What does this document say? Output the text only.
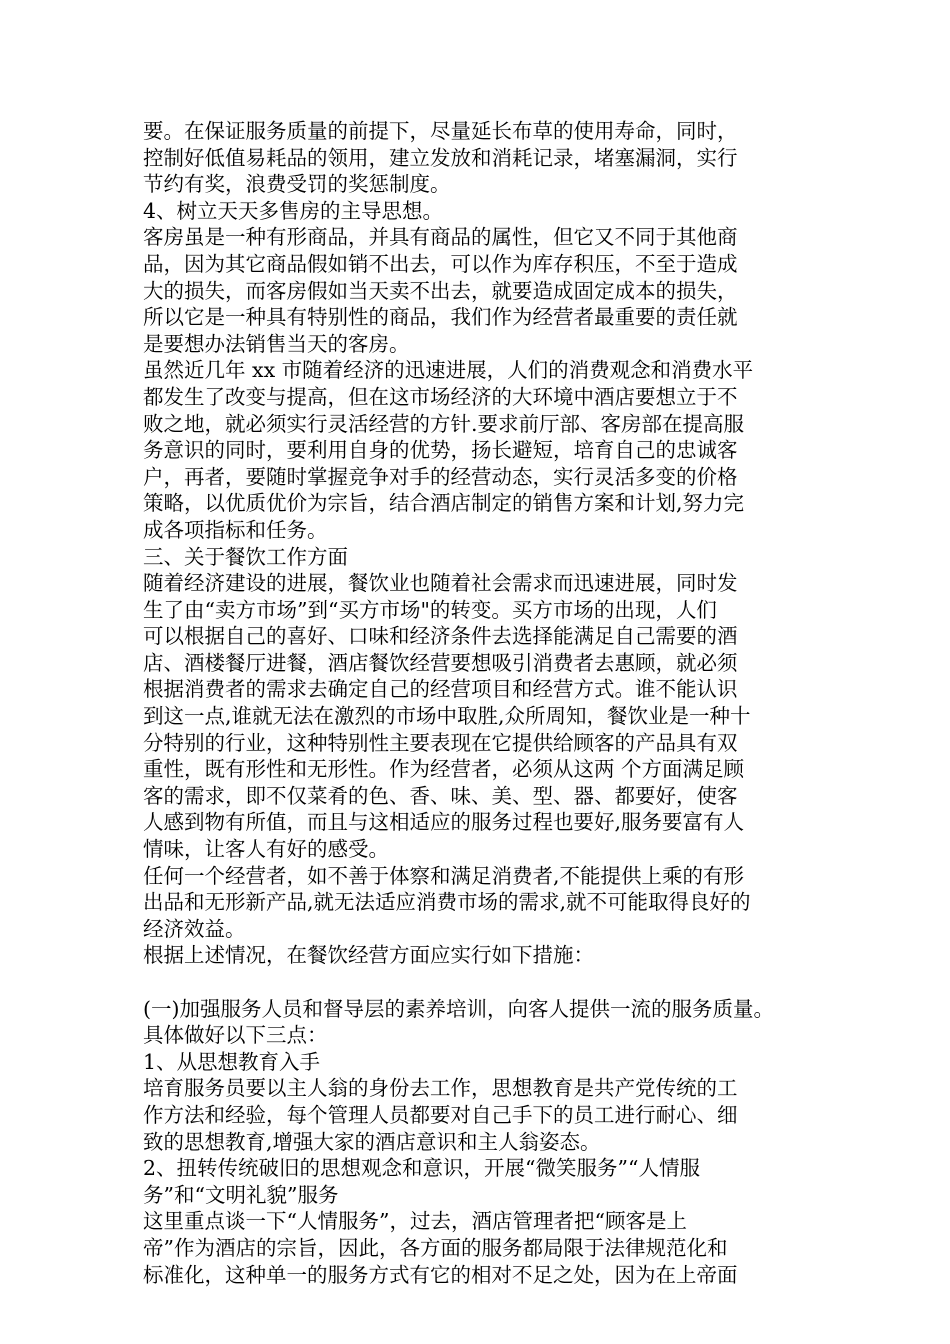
要。在保证服务质量的前提下，尽量延长布草的使用寿命，同时，
控制好低值易耗品的领用，建立发放和消耗记录，堵塞漏洞，实行
节约有奖，浪费受罚的奖惩制度。
4、树立天天多售房的主导思想。
客房虽是一种有形商品，并具有商品的属性，但它又不同于其他商
品，因为其它商品假如销不出去，可以作为库存积压，不至于造成
大的损失，而客房假如当天卖不出去，就要造成固定成本的损失，
所以它是一种具有特别性的商品，我们作为经营者最重要的责任就
是要想办法销售当天的客房。
虽然近几年 xx 市随着经济的迅速进展，人们的消费观念和消费水平
都发生了改变与提高，但在这市场经济的大环境中酒店要想立于不
败之地，就必须实行灵活经营的方针.要求前厅部、客房部在提高服
务意识的同时，要利用自身的优势，扬长避短，培育自己的忠诚客
户，再者，要随时掌握竞争对手的经营动态，实行灵活多变的价格
策略，以优质优价为宗旨，结合酒店制定的销售方案和计划,努力完
成各项指标和任务。
三、关于餐饮工作方面
随着经济建设的进展，餐饮业也随着社会需求而迅速进展，同时发
生了由“卖方市场”到“买方市场"的转变。买方市场的出现，人们
可以根据自己的喜好、口味和经济条件去选择能满足自己需要的酒
店、酒楼餐厅进餐，酒店餐饮经营要想吸引消费者去惠顾，就必须
根据消费者的需求去确定自己的经营项目和经营方式。谁不能认识
到这一点,谁就无法在激烈的市场中取胜,众所周知，餐饮业是一种十
分特别的行业，这种特别性主要表现在它提供给顾客的产品具有双
重性，既有形性和无形性。作为经营者，必须从这两 个方面满足顾
客的需求，即不仅菜肴的色、香、味、美、型、器、都要好，使客
人感到物有所值，而且与这相适应的服务过程也要好,服务要富有人
情味，让客人有好的感受。
任何一个经营者，如不善于体察和满足消费者,不能提供上乘的有形
出品和无形新产品,就无法适应消费市场的需求,就不可能取得良好的
经济效益。
根据上述情况，在餐饮经营方面应实行如下措施：
(一)加强服务人员和督导层的素养培训，向客人提供一流的服务质量。
具体做好以下三点：
1、从思想教育入手
培育服务员要以主人翁的身份去工作，思想教育是共产党传统的工
作方法和经验，每个管理人员都要对自己手下的员工进行耐心、细
致的思想教育,增强大家的酒店意识和主人翁姿态。
2、扭转传统破旧的思想观念和意识，开展“微笑服务”“人情服
务”和“文明礼貌”服务
这里重点谈一下“人情服务”，过去，酒店管理者把“顾客是上
帝”作为酒店的宗旨，因此，各方面的服务都局限于法律规范化和
标准化，这种单一的服务方式有它的相对不足之处，因为在上帝面
